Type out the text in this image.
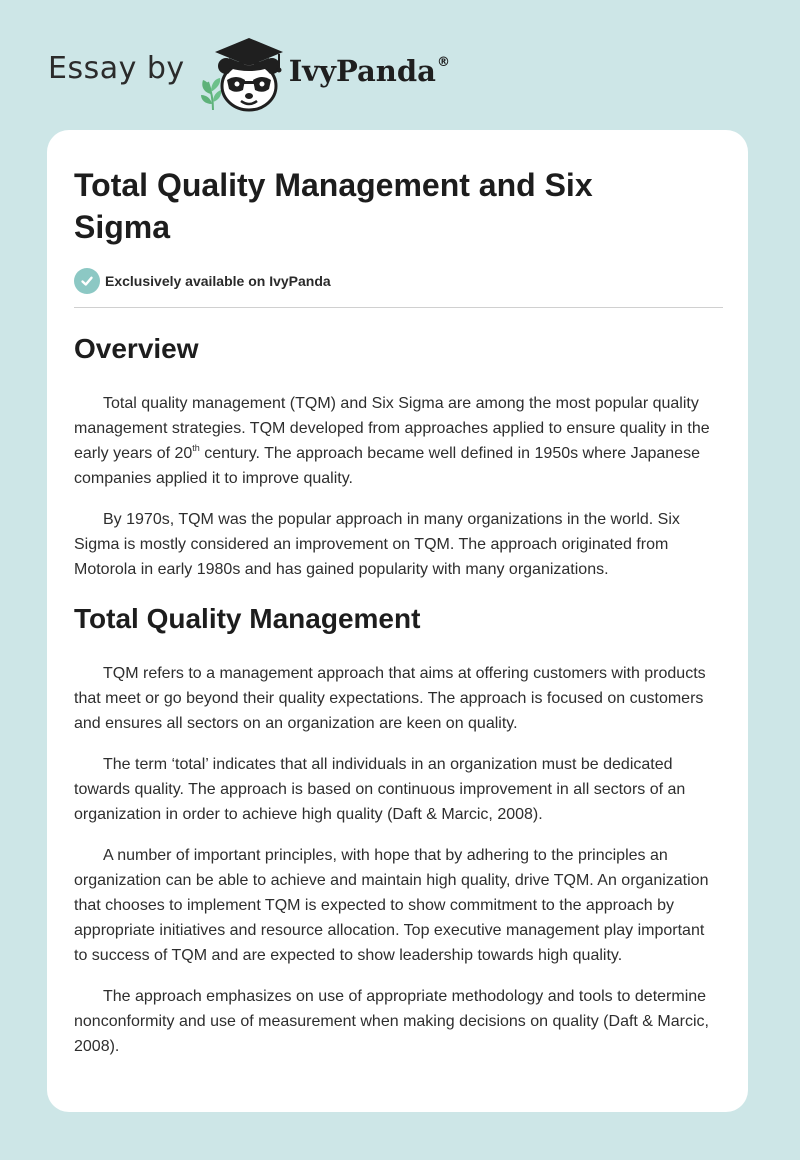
Essay by	IvyPanda®
Total Quality Management and Six Sigma
Exclusively available on IvyPanda
Overview

Total quality management (TQM) and Six Sigma are among the most popular quality management strategies. TQM developed from approaches applied to ensure quality in the early years of 20th century. The approach became well defined in 1950s where Japanese companies applied it to improve quality.

By 1970s, TQM was the popular approach in many organizations in the world. Six Sigma is mostly considered an improvement on TQM. The approach originated from Motorola in early 1980s and has gained popularity with many organizations.

Total Quality Management

TQM refers to a management approach that aims at offering customers with products that meet or go beyond their quality expectations. The approach is focused on customers and ensures all sectors on an organization are keen on quality.

The term ‘total’ indicates that all individuals in an organization must be dedicated towards quality. The approach is based on continuous improvement in all sectors of an organization in order to achieve high quality (Daft & Marcic, 2008).

A number of important principles, with hope that by adhering to the principles an organization can be able to achieve and maintain high quality, drive TQM. An organization that chooses to implement TQM is expected to show commitment to the approach by appropriate initiatives and resource allocation. Top executive management play important to success of TQM and are expected to show leadership towards high quality.

The approach emphasizes on use of appropriate methodology and tools to determine nonconformity and use of measurement when making decisions on quality (Daft & Marcic, 2008).
